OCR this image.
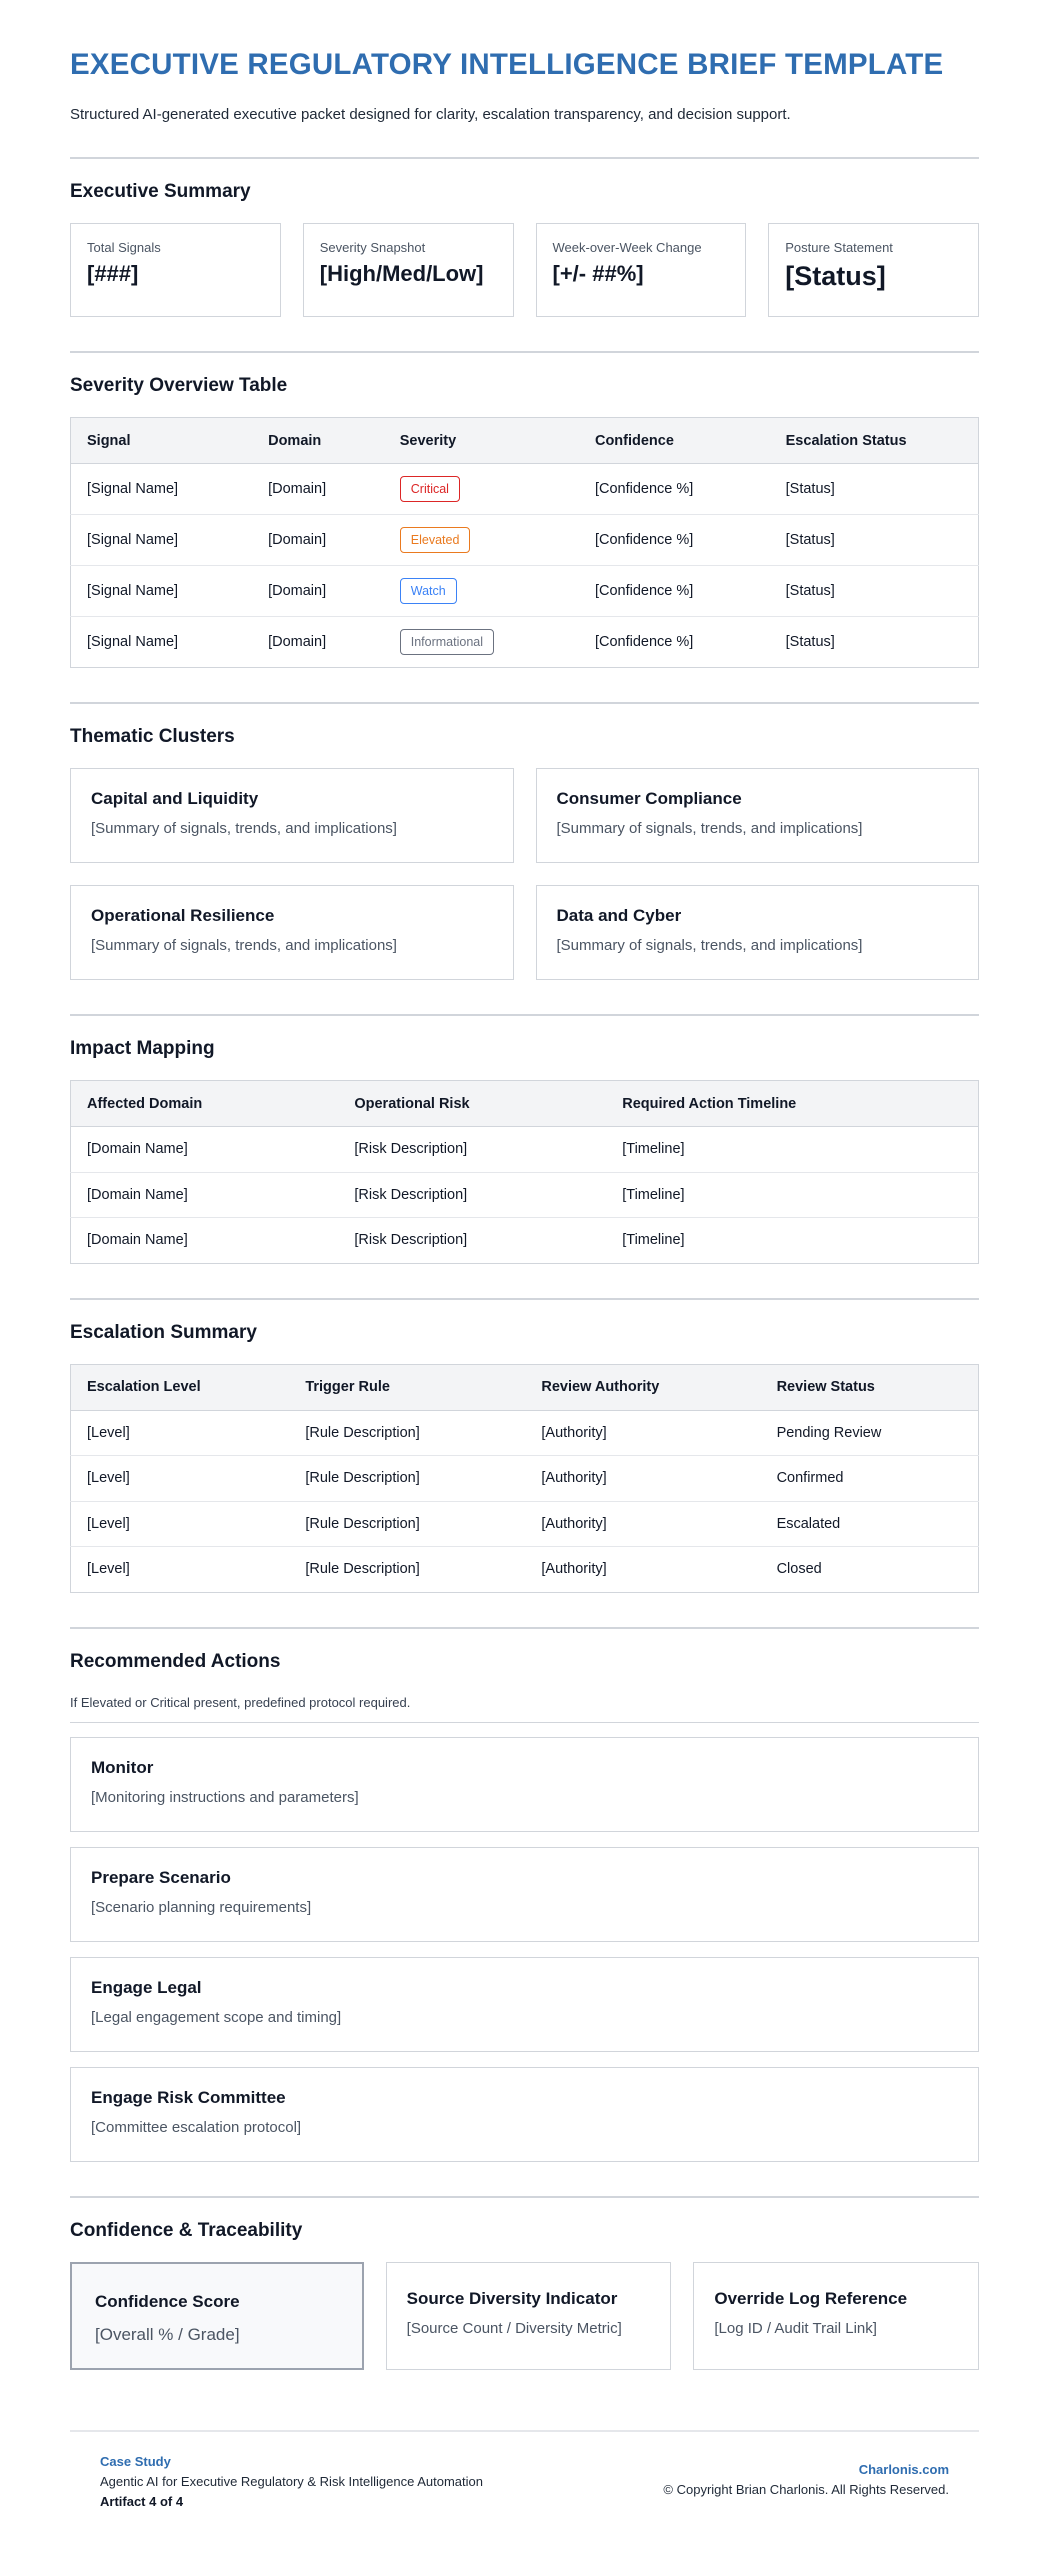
EXECUTIVE REGULATORY INTELLIGENCE BRIEF TEMPLATE

Structured AI-generated executive packet designed for clarity, escalation transparency, and decision support.

Executive Summary
Total Signals
[###]
Severity Snapshot
[High/Med/Low]
Week-over-Week Change
[+/- ##%]
Posture Statement
[Status]
Severity Overview Table
Signal	Domain	Severity	Confidence	Escalation Status
[Signal Name]	[Domain]	Critical	[Confidence %]	[Status]
[Signal Name]	[Domain]	Elevated	[Confidence %]	[Status]
[Signal Name]	[Domain]	Watch	[Confidence %]	[Status]
[Signal Name]	[Domain]	Informational	[Confidence %]	[Status]
Thematic Clusters
Capital and Liquidity
[Summary of signals, trends, and implications]
Consumer Compliance
[Summary of signals, trends, and implications]
Operational Resilience
[Summary of signals, trends, and implications]
Data and Cyber
[Summary of signals, trends, and implications]
Impact Mapping
Affected Domain	Operational Risk	Required Action Timeline
[Domain Name]	[Risk Description]	[Timeline]
[Domain Name]	[Risk Description]	[Timeline]
[Domain Name]	[Risk Description]	[Timeline]
Escalation Summary
Escalation Level	Trigger Rule	Review Authority	Review Status
[Level]	[Rule Description]	[Authority]	Pending Review
[Level]	[Rule Description]	[Authority]	Confirmed
[Level]	[Rule Description]	[Authority]	Escalated
[Level]	[Rule Description]	[Authority]	Closed
Recommended Actions

If Elevated or Critical present, predefined protocol required.

Monitor
[Monitoring instructions and parameters]
Prepare Scenario
[Scenario planning requirements]
Engage Legal
[Legal engagement scope and timing]
Engage Risk Committee
[Committee escalation protocol]
Confidence & Traceability
Confidence Score
[Overall % / Grade]
Source Diversity Indicator
[Source Count / Diversity Metric]
Override Log Reference
[Log ID / Audit Trail Link]
Case Study
Agentic AI for Executive Regulatory & Risk Intelligence Automation
Artifact 4 of 4
Charlonis.com
© Copyright Brian Charlonis. All Rights Reserved.
